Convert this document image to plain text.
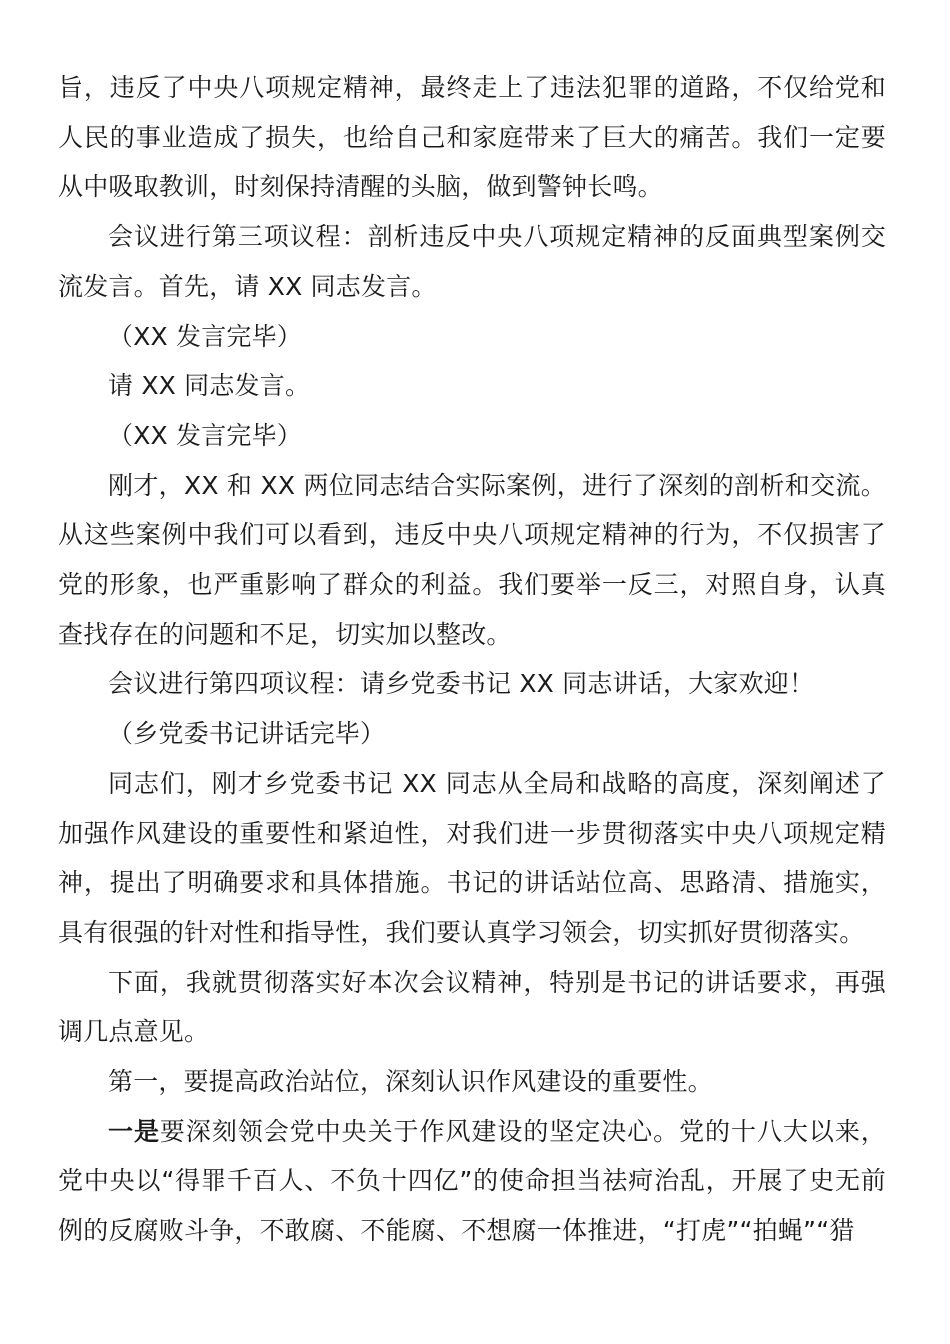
旨，违反了中央八项规定精神，最终走上了违法犯罪的道路，不仅给党和人民的事业造成了损失，也给自己和家庭带来了巨大的痛苦。我们一定要从中吸取教训，时刻保持清醒的头脑，做到警钟长鸣。

会议进行第三项议程：剖析违反中央八项规定精神的反面典型案例交流发言。首先，请 XX 同志发言。

（XX 发言完毕）

请 XX 同志发言。

（XX 发言完毕）

刚才，XX 和 XX 两位同志结合实际案例，进行了深刻的剖析和交流。从这些案例中我们可以看到，违反中央八项规定精神的行为，不仅损害了党的形象，也严重影响了群众的利益。我们要举一反三，对照自身，认真查找存在的问题和不足，切实加以整改。

会议进行第四项议程：请乡党委书记 XX 同志讲话，大家欢迎！

（乡党委书记讲话完毕）

同志们，刚才乡党委书记 XX 同志从全局和战略的高度，深刻阐述了加强作风建设的重要性和紧迫性，对我们进一步贯彻落实中央八项规定精神，提出了明确要求和具体措施。书记的讲话站位高、思路清、措施实，具有很强的针对性和指导性，我们要认真学习领会，切实抓好贯彻落实。

下面，我就贯彻落实好本次会议精神，特别是书记的讲话要求，再强调几点意见。

第一，要提高政治站位，深刻认识作风建设的重要性。

一是要深刻领会党中央关于作风建设的坚定决心。党的十八大以来，党中央以“得罪千百人、不负十四亿”的使命担当祛疴治乱，开展了史无前例的反腐败斗争，不敢腐、不能腐、不想腐一体推进，“打虎”“拍蝇”“猎
